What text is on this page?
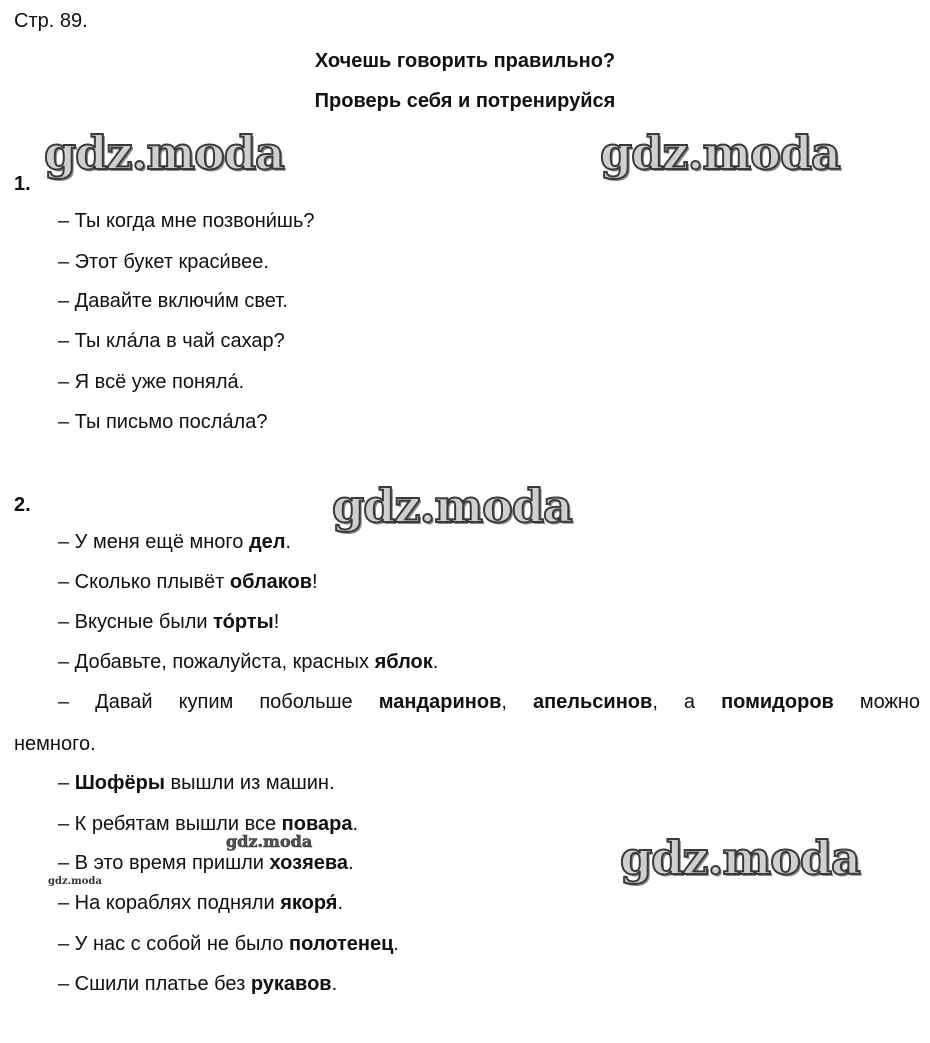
Стр. 89.
Хочешь говорить правильно?
Проверь себя и потренируйся
gdz.moda	gdz.moda
gdz.moda
gdz.moda
gdz.moda
gdz.moda
1.
– Ты когда мне позвони́шь?
– Этот букет краси́вее.
– Давайте включи́м свет.
– Ты кла́ла в чай сахар?
– Я всё уже поняла́.
– Ты письмо посла́ла?
2.
– У меня ещё много дел.
– Сколько плывёт облаков!
– Вкусные были то́рты!
– Добавьте, пожалуйста, красных яблок.
– Давай купим побольше мандаринов, апельсинов, а помидоров можно
немного.
– Шофёры вышли из машин.
– К ребятам вышли все повара.
– В это время пришли хозяева.
– На кораблях подняли якоря́.
– У нас с собой не было полотенец.
– Сшили платье без рукавов.
